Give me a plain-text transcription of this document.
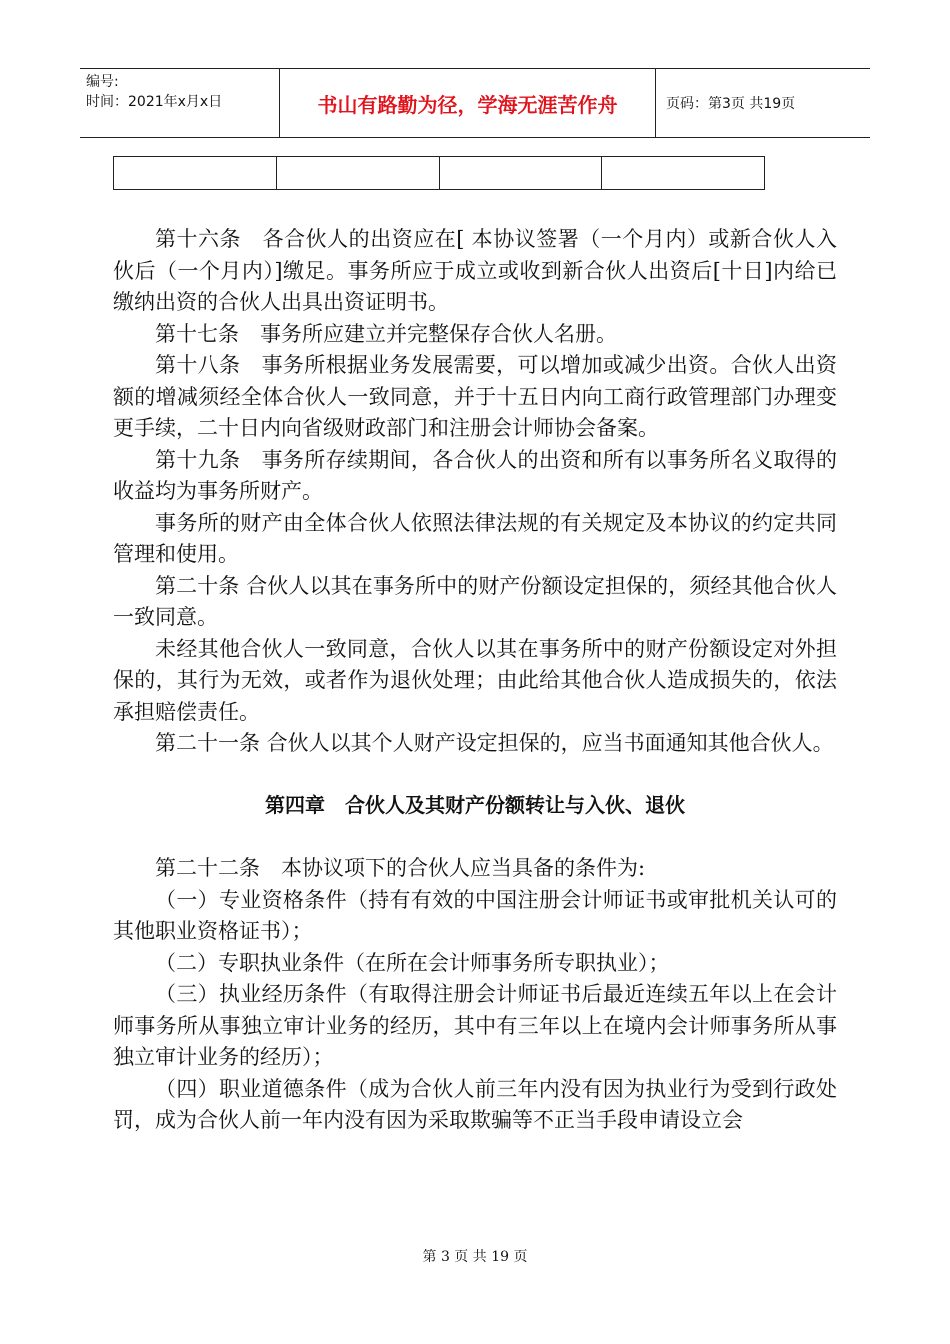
编号:
时间：2021年x月x日	书山有路勤为径，学海无涯苦作舟	页码：第3页 共19页

第十六条　各合伙人的出资应在[ 本协议签署（一个月内）或新合伙人入伙后（一个月内）]缴足。事务所应于成立或收到新合伙人出资后[十日]内给已缴纳出资的合伙人出具出资证明书。

第十七条　事务所应建立并完整保存合伙人名册。

第十八条　事务所根据业务发展需要，可以增加或减少出资。合伙人出资额的增减须经全体合伙人一致同意，并于十五日内向工商行政管理部门办理变更手续，二十日内向省级财政部门和注册会计师协会备案。

第十九条　事务所存续期间，各合伙人的出资和所有以事务所名义取得的收益均为事务所财产。

事务所的财产由全体合伙人依照法律法规的有关规定及本协议的约定共同管理和使用。

第二十条 合伙人以其在事务所中的财产份额设定担保的，须经其他合伙人一致同意。

未经其他合伙人一致同意，合伙人以其在事务所中的财产份额设定对外担保的，其行为无效，或者作为退伙处理；由此给其他合伙人造成损失的，依法承担赔偿责任。

第二十一条 合伙人以其个人财产设定担保的，应当书面通知其他合伙人。

第四章　合伙人及其财产份额转让与入伙、退伙

第二十二条　本协议项下的合伙人应当具备的条件为:

（一）专业资格条件（持有有效的中国注册会计师证书或审批机关认可的其他职业资格证书）；

（二）专职执业条件（在所在会计师事务所专职执业）；

（三）执业经历条件（有取得注册会计师证书后最近连续五年以上在会计师事务所从事独立审计业务的经历，其中有三年以上在境内会计师事务所从事独立审计业务的经历）；

（四）职业道德条件（成为合伙人前三年内没有因为执业行为受到行政处罚，成为合伙人前一年内没有因为采取欺骗等不正当手段申请设立会

第 3 页 共 19 页
